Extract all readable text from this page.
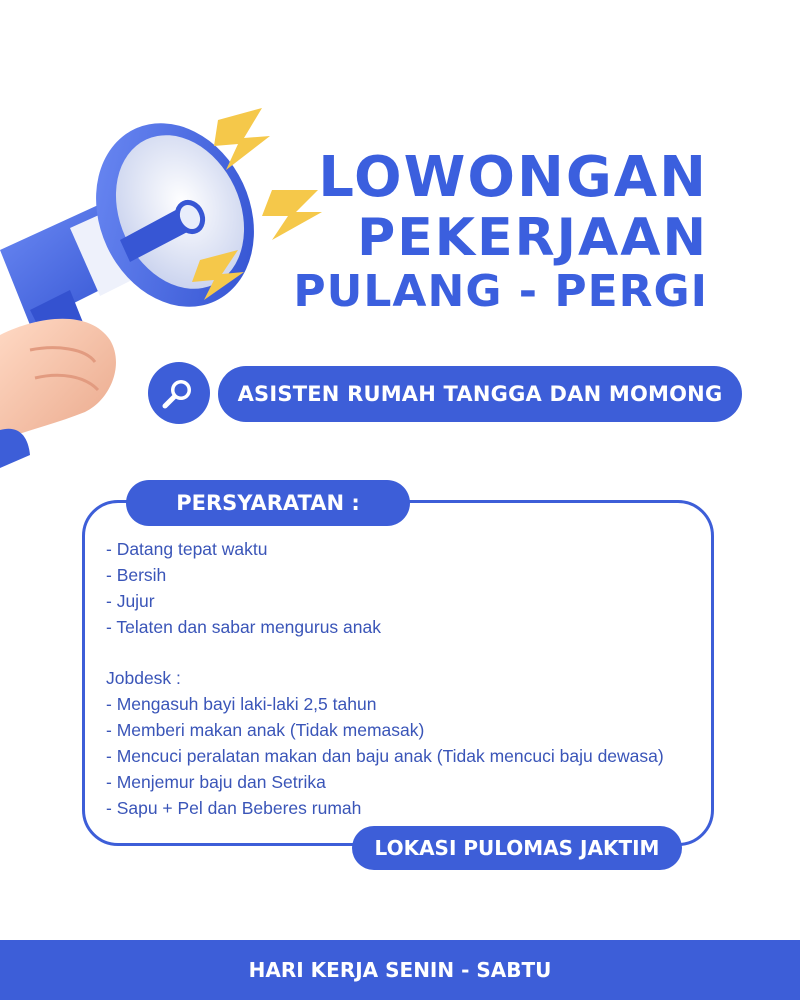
LOWONGAN
PEKERJAAN
PULANG - PERGI
ASISTEN RUMAH TANGGA DAN MOMONG
PERSYARATAN :
- Datang tepat waktu
- Bersih
- Jujur
- Telaten dan sabar mengurus anak
Jobdesk :
- Mengasuh bayi laki-laki 2,5 tahun
- Memberi makan anak (Tidak memasak)
- Mencuci peralatan makan dan baju anak (Tidak mencuci baju dewasa)
- Menjemur baju dan Setrika
- Sapu + Pel dan Beberes rumah
LOKASI PULOMAS JAKTIM
HARI KERJA SENIN - SABTU
